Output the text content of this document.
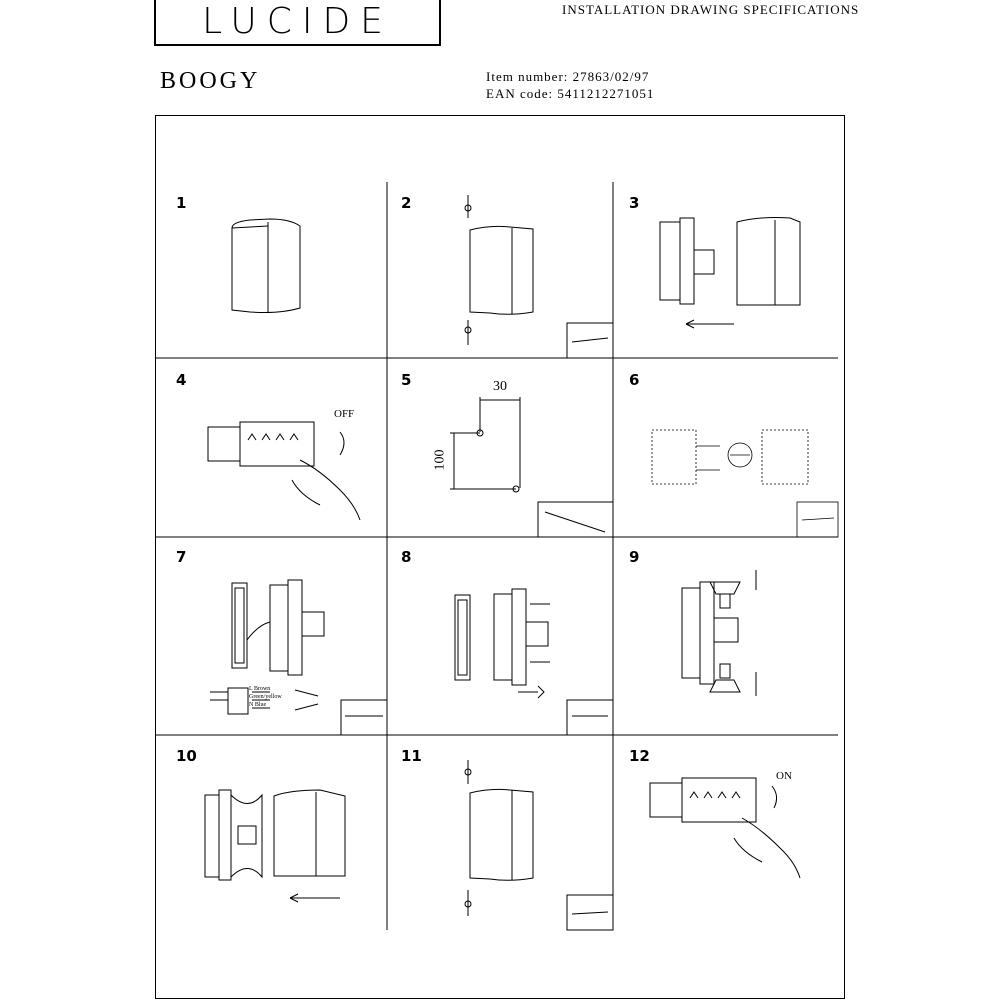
LUCIDE	INSTALLATION DRAWING SPECIFICATIONS
BOOGY	Item number: 27863/02/97
EAN code: 5411212271051
1	2	3
4	5	6
7	8	9
10	11	12
OFF
ON
30
100
L Brown
Green/yellow
N Blue
